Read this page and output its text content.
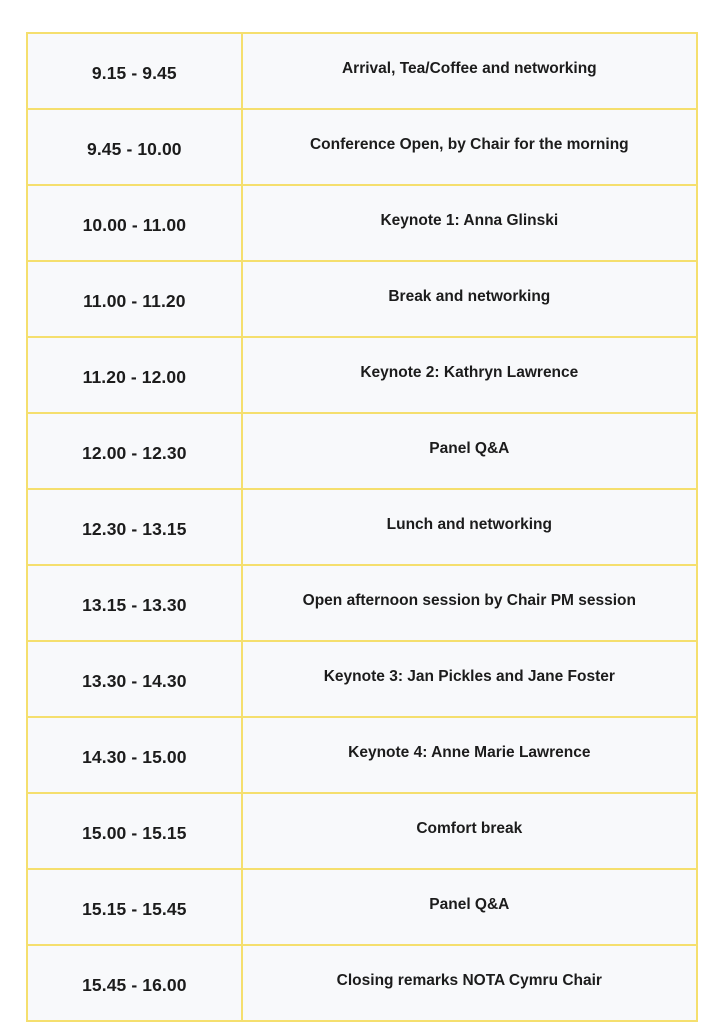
9.15 - 9.45	Arrival, Tea/Coffee and networking

9.45 - 10.00	Conference Open, by Chair for the morning

10.00 - 11.00	Keynote 1: Anna Glinski

11.00 - 11.20	Break and networking

11.20 - 12.00	Keynote 2: Kathryn Lawrence

12.00 - 12.30	Panel Q&A

12.30 - 13.15	Lunch and networking

13.15 - 13.30	Open afternoon session by Chair PM session

13.30 - 14.30	Keynote 3: Jan Pickles and Jane Foster

14.30 - 15.00	Keynote 4: Anne Marie Lawrence

15.00 - 15.15	Comfort break

15.15 - 15.45	Panel Q&A

15.45 - 16.00	Closing remarks NOTA Cymru Chair
